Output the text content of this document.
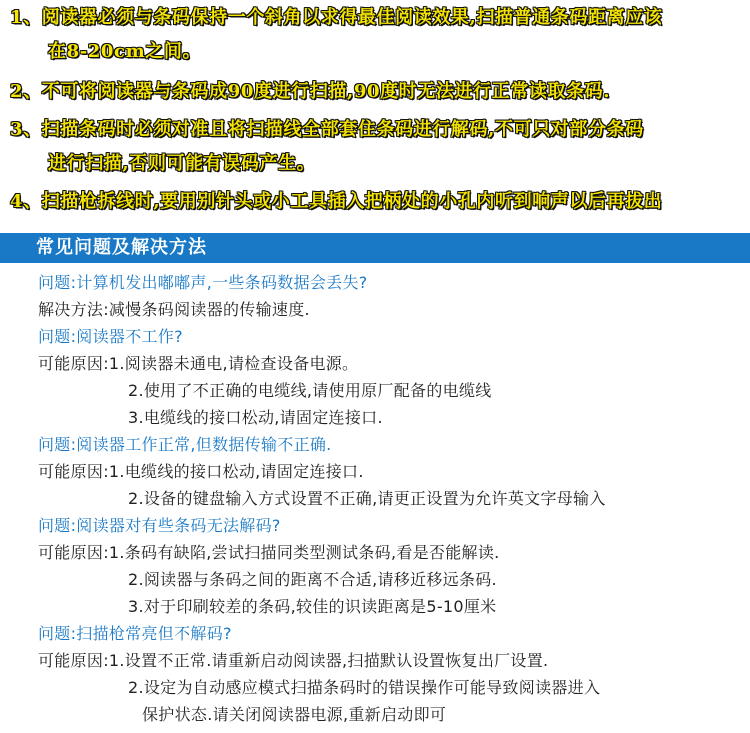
1、阅读器必须与条码保持一个斜角以求得最佳阅读效果,扫描普通条码距离应该
在8-20cm之间。
2、不可将阅读器与条码成90度进行扫描,90度时无法进行正常读取条码.
3、扫描条码时必须对准且将扫描线全部套住条码进行解码,不可只对部分条码
进行扫描,否则可能有误码产生。
4、扫描枪拆线时,要用别针头或小工具插入把柄处的小孔内听到响声以后再拔出
常见问题及解决方法
问题:计算机发出嘟嘟声,一些条码数据会丢失?
解决方法:减慢条码阅读器的传输速度.
问题:阅读器不工作?
可能原因:1.阅读器未通电,请检查设备电源。
2.使用了不正确的电缆线,请使用原厂配备的电缆线
3.电缆线的接口松动,请固定连接口.
问题:阅读器工作正常,但数据传输不正确.
可能原因:1.电缆线的接口松动,请固定连接口.
2.设备的键盘输入方式设置不正确,请更正设置为允许英文字母输入
问题:阅读器对有些条码无法解码?
可能原因:1.条码有缺陷,尝试扫描同类型测试条码,看是否能解读.
2.阅读器与条码之间的距离不合适,请移近移远条码.
3.对于印刷较差的条码,较佳的识读距离是5-10厘米
问题:扫描枪常亮但不解码?
可能原因:1.设置不正常.请重新启动阅读器,扫描默认设置恢复出厂设置.
2.设定为自动感应模式扫描条码时的错误操作可能导致阅读器进入
保护状态.请关闭阅读器电源,重新启动即可
